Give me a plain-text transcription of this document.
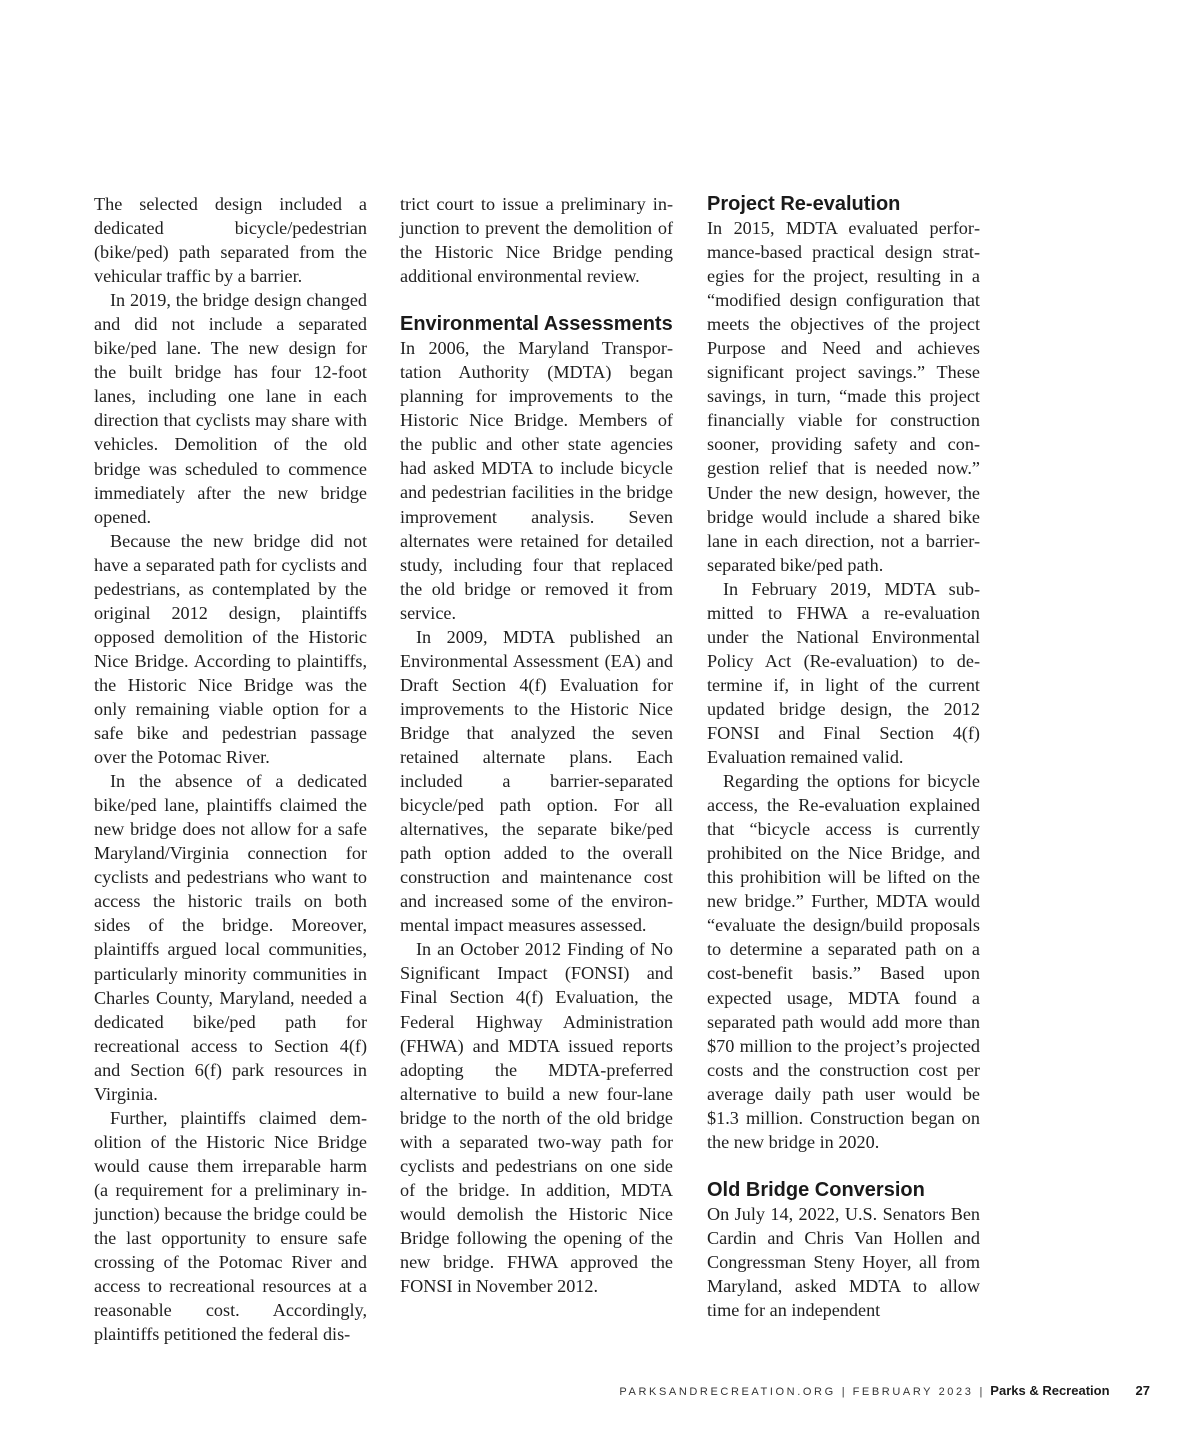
The selected design included a dedicated bicycle/pedestrian (bike/ped) path separated from the vehicular traffic by a barrier.

In 2019, the bridge design changed and did not include a separated bike/ped lane. The new design for the built bridge has four 12-foot lanes, including one lane in each direction that cyclists may share with vehicles. Demolition of the old bridge was scheduled to commence immediately after the new bridge opened.

Because the new bridge did not have a separated path for cyclists and pedestrians, as contemplated by the original 2012 design, plaintiffs opposed demolition of the Historic Nice Bridge. According to plaintiffs, the Historic Nice Bridge was the only remaining viable option for a safe bike and pedestrian passage over the Potomac River.

In the absence of a dedicated bike/ped lane, plaintiffs claimed the new bridge does not allow for a safe Maryland/Virginia connection for cyclists and pedestrians who want to access the historic trails on both sides of the bridge. Moreover, plaintiffs argued local communities, particularly minority communities in Charles County, Maryland, needed a dedicated bike/ped path for recreational access to Section 4(f) and Section 6(f) park resources in Virginia.

Further, plaintiffs claimed demolition of the Historic Nice Bridge would cause them irreparable harm (a requirement for a preliminary injunction) because the bridge could be the last opportunity to ensure safe crossing of the Potomac River and access to recreational resources at a reasonable cost. Accordingly, plaintiffs petitioned the federal dis-

trict court to issue a preliminary injunction to prevent the demolition of the Historic Nice Bridge pending additional environmental review.

Environmental Assessments

In 2006, the Maryland Transportation Authority (MDTA) began planning for improvements to the Historic Nice Bridge. Members of the public and other state agencies had asked MDTA to include bicycle and pedestrian facilities in the bridge improvement analysis. Seven alternates were retained for detailed study, including four that replaced the old bridge or removed it from service.

In 2009, MDTA published an Environmental Assessment (EA) and Draft Section 4(f) Evaluation for improvements to the Historic Nice Bridge that analyzed the seven retained alternate plans. Each included a barrier-separated bicycle/ped path option. For all alternatives, the separate bike/ped path option added to the overall construction and maintenance cost and increased some of the environmental impact measures assessed.

In an October 2012 Finding of No Significant Impact (FONSI) and Final Section 4(f) Evaluation, the Federal Highway Administration (FHWA) and MDTA issued reports adopting the MDTA-preferred alternative to build a new four-lane bridge to the north of the old bridge with a separated two-way path for cyclists and pedestrians on one side of the bridge. In addition, MDTA would demolish the Historic Nice Bridge following the opening of the new bridge. FHWA approved the FONSI in November 2012.

Project Re-evalution

In 2015, MDTA evaluated performance-based practical design strategies for the project, resulting in a “modified design configuration that meets the objectives of the project Purpose and Need and achieves significant project savings.” These savings, in turn, “made this project financially viable for construction sooner, providing safety and congestion relief that is needed now.” Under the new design, however, the bridge would include a shared bike lane in each direction, not a barrier-separated bike/ped path.

In February 2019, MDTA submitted to FHWA a re-evaluation under the National Environmental Policy Act (Re-evaluation) to determine if, in light of the current updated bridge design, the 2012 FONSI and Final Section 4(f) Evaluation remained valid.

Regarding the options for bicycle access, the Re-evaluation explained that “bicycle access is currently prohibited on the Nice Bridge, and this prohibition will be lifted on the new bridge.” Further, MDTA would “evaluate the design/build proposals to determine a separated path on a cost-benefit basis.” Based upon expected usage, MDTA found a separated path would add more than $70 million to the project’s projected costs and the construction cost per average daily path user would be $1.3 million. Construction began on the new bridge in 2020.

Old Bridge Conversion

On July 14, 2022, U.S. Senators Ben Cardin and Chris Van Hollen and Congressman Steny Hoyer, all from Maryland, asked MDTA to allow time for an independent

PARKSANDRECREATION.ORG | FEBRUARY 2023 | Parks & Recreation 27
